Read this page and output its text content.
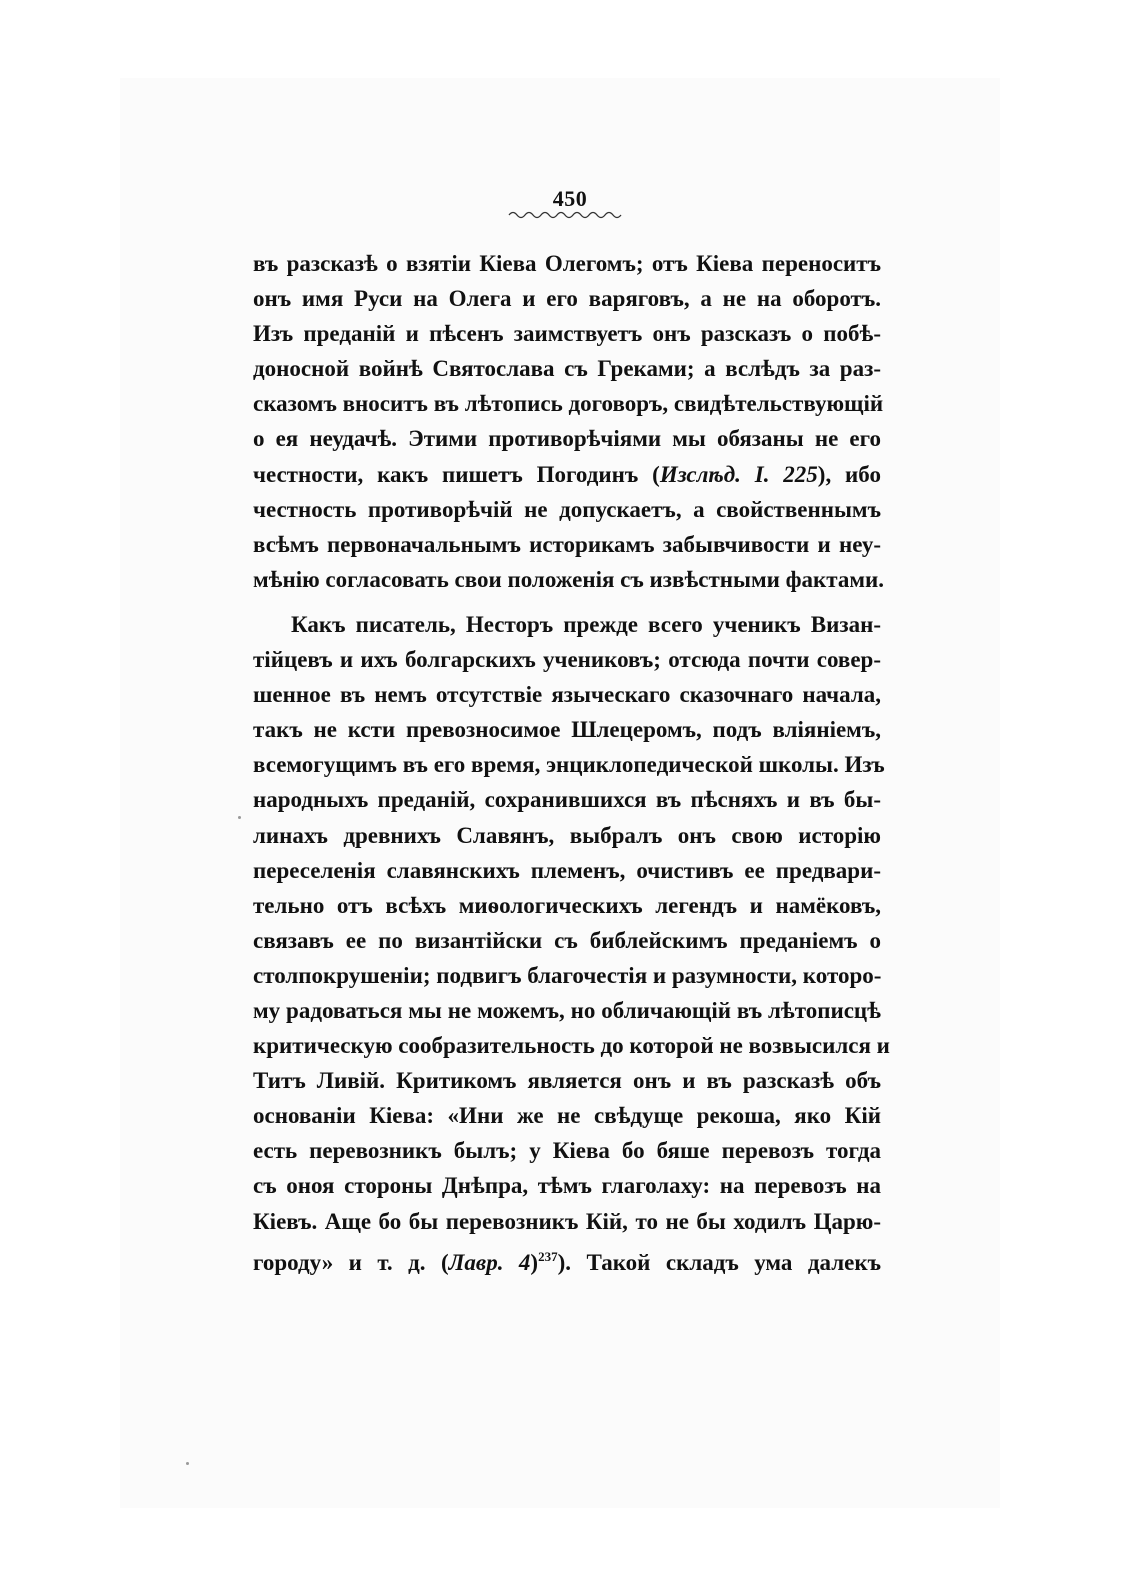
450
въ разсказѣ о взятіи Кіева Олегомъ; отъ Кіева переноситъ
онъ имя Руси на Олега и его варяговъ, а не на оборотъ.
Изъ преданій и пѣсенъ заимствуетъ онъ разсказъ о побѣ-
доносной войнѣ Святослава съ Греками; а вслѣдъ за раз-
сказомъ вноситъ въ лѣтопись договоръ, свидѣтельствующій
о ея неудачѣ. Этими противорѣчіями мы обязаны не его
честности, какъ пишетъ Погодинъ (Изслѣд. I. 225), ибо
честность противорѣчій не допускаетъ, а свойственнымъ
всѣмъ первоначальнымъ историкамъ забывчивости и неу-
мѣнію согласовать свои положенія съ извѣстными фактами.
Какъ писатель, Несторъ прежде всего ученикъ Визан-
тійцевъ и ихъ болгарскихъ учениковъ; отсюда почти совер-
шенное въ немъ отсутствіе языческаго сказочнаго начала,
такъ не ксти превозносимое Шлецеромъ, подъ вліяніемъ,
всемогущимъ въ его время, энциклопедической школы. Изъ
народныхъ преданій, сохранившихся въ пѣсняхъ и въ бы-
линахъ древнихъ Славянъ, выбралъ онъ свою исторію
переселенія славянскихъ племенъ, очистивъ ее предвари-
тельно отъ всѣхъ миѳологическихъ легендъ и намёковъ,
связавъ ее по византійски съ библейскимъ преданіемъ о
столпокрушеніи; подвигъ благочестія и разумности, которо-
му радоваться мы не можемъ, но обличающій въ лѣтописцѣ
критическую сообразительность до которой не возвысился и
Титъ Ливій. Критикомъ является онъ и въ разсказѣ объ
основаніи Кіева: «Ини же не свѣдуще рекоша, яко Кій
есть перевозникъ былъ; у Кіева бо бяше перевозъ тогда
съ оноя стороны Днѣпра, тѣмъ глаголаху: на перевозъ на
Кіевъ. Аще бо бы перевозникъ Кій, то не бы ходилъ Царю-
городу» и т. д. (Лавр. 4)$^{237}$). Такой складъ ума далекъ
